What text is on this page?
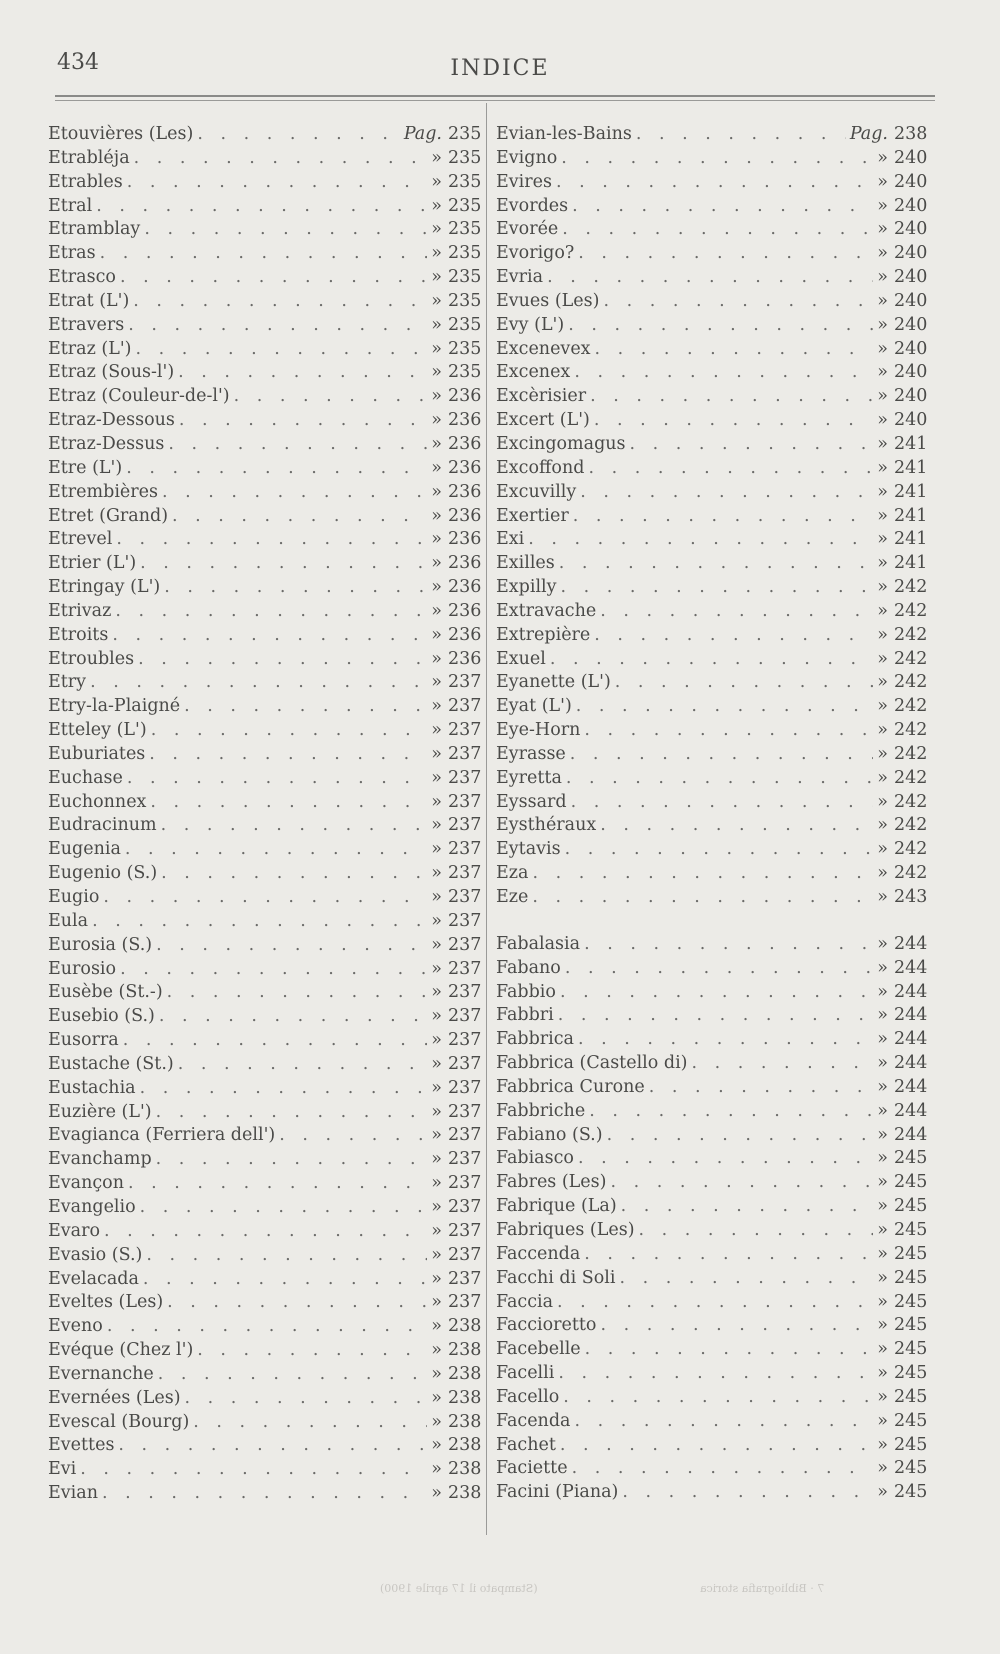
434	INDICE
Etouvières (Les) . . .	Pag. 235
Etrabléja . . .	» 235
Etrables . . .	» 235
Etral . . .	» 235
Etramblay . . .	» 235
Etras . . .	» 235
Etrasco . . .	» 235
Etrat (L') . . .	» 235
Etravers . . .	» 235
Etraz (L') . . .	» 235
Etraz (Sous-l') . . .	» 235
Etraz (Couleur-de-l') . . .	» 236
Etraz-Dessous . . .	» 236
Etraz-Dessus . . .	» 236
Etre (L') . . .	» 236
Etrembières . . .	» 236
Etret (Grand) . . .	» 236
Etrevel . . .	» 236
Etrier (L') . . .	» 236
Etringay (L') . . .	» 236
Etrivaz . . .	» 236
Etroits . . .	» 236
Etroubles . . .	» 236
Etry . . .	» 237
Etry-la-Plaigné . . .	» 237
Etteley (L') . . .	» 237
Euburiates . . .	» 237
Euchase . . .	» 237
Euchonnex . . .	» 237
Eudracinum . . .	» 237
Eugenia . . .	» 237
Eugenio (S.) . . .	» 237
Eugio . . .	» 237
Eula . . .	» 237
Eurosia (S.) . . .	» 237
Eurosio . . .	» 237
Eusèbe (St.-) . . .	» 237
Eusebio (S.) . . .	» 237
Eusorra . . .	» 237
Eustache (St.) . . .	» 237
Eustachia . . .	» 237
Euzière (L') . . .	» 237
Evagianca (Ferriera dell') . . .	» 237
Evanchamp . . .	» 237
Evançon . . .	» 237
Evangelio . . .	» 237
Evaro . . .	» 237
Evasio (S.) . . .	» 237
Evelacada . . .	» 237
Eveltes (Les) . . .	» 237
Eveno . . .	» 238
Evéque (Chez l') . . .	» 238
Evernanche . . .	» 238
Evernées (Les) . . .	» 238
Evescal (Bourg) . . .	» 238
Evettes . . .	» 238
Evi . . .	» 238
Evian . . .	» 238
Evian-les-Bains . . .	Pag. 238
Evigno . . .	» 240
Evires . . .	» 240
Evordes . . .	» 240
Evorée . . .	» 240
Evorigo? . . .	» 240
Evria . . .	» 240
Evues (Les) . . .	» 240
Evy (L') . . .	» 240
Excenevex . . .	» 240
Excenex . . .	» 240
Excèrisier . . .	» 240
Excert (L') . . .	» 240
Excingomagus . . .	» 241
Excoffond . . .	» 241
Excuvilly . . .	» 241
Exertier . . .	» 241
Exi . . .	» 241
Exilles . . .	» 241
Expilly . . .	» 242
Extravache . . .	» 242
Extrepière . . .	» 242
Exuel . . .	» 242
Eyanette (L') . . .	» 242
Eyat (L') . . .	» 242
Eye-Horn . . .	» 242
Eyrasse . . .	» 242
Eyretta . . .	» 242
Eyssard . . .	» 242
Eysthéraux . . .	» 242
Eytavis . . .	» 242
Eza . . .	» 242
Eze . . .	» 243
Fabalasia . . .	» 244
Fabano . . .	» 244
Fabbio . . .	» 244
Fabbri . . .	» 244
Fabbrica . . .	» 244
Fabbrica (Castello di) . . .	» 244
Fabbrica Curone . . .	» 244
Fabbriche . . .	» 244
Fabiano (S.) . . .	» 244
Fabiasco . . .	» 245
Fabres (Les) . . .	» 245
Fabrique (La) . . .	» 245
Fabriques (Les) . . .	» 245
Faccenda . . .	» 245
Facchi di Soli . . .	» 245
Faccia . . .	» 245
Faccioretto . . .	» 245
Facebelle . . .	» 245
Facelli . . .	» 245
Facello . . .	» 245
Facenda . . .	» 245
Fachet . . .	» 245
Faciette . . .	» 245
Facini (Piana) . . .	» 245
(Stampato il 17 aprile 1900)	7 · Bibliografia storica
